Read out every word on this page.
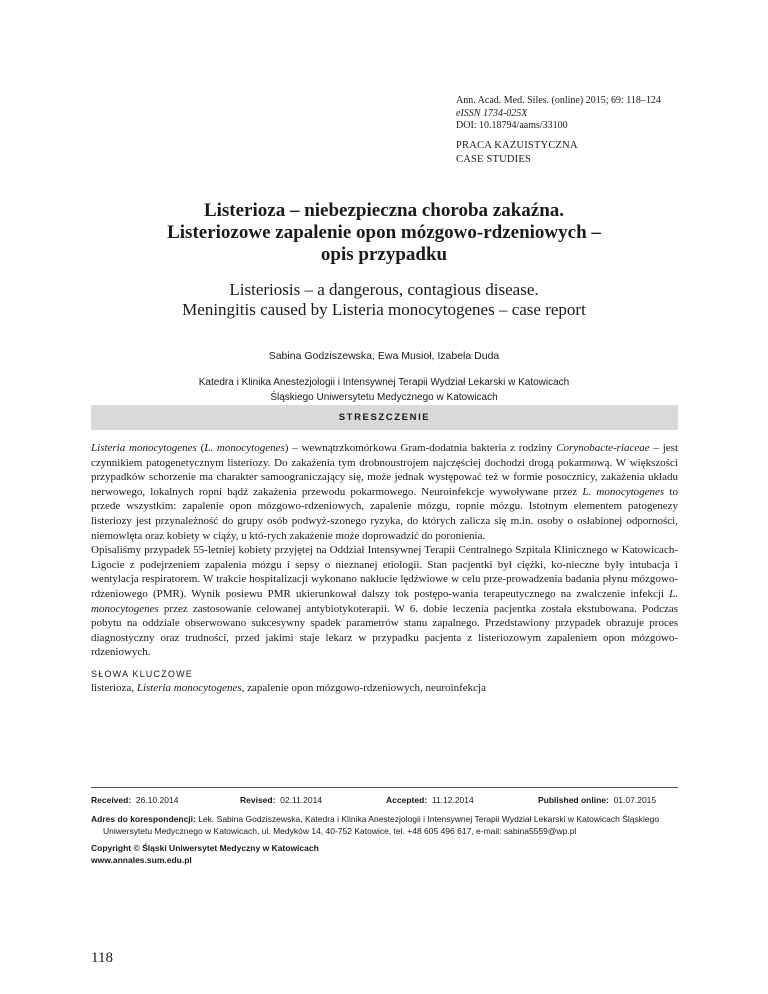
Ann. Acad. Med. Siles. (online) 2015; 69: 118–124
eISSN 1734-025X
DOI: 10.18794/aams/33100
PRACA KAZUISTYCZNA
CASE STUDIES
Listerioza – niebezpieczna choroba zakaźna.
Listeriozowe zapalenie opon mózgowo-rdzeniowych –
opis przypadku
Listeriosis – a dangerous, contagious disease.
Meningitis caused by Listeria monocytogenes – case report
Sabina Godziszewska, Ewa Musioł, Izabela Duda
Katedra i Klinika Anestezjologii i Intensywnej Terapii Wydział Lekarski w Katowicach
Śląskiego Uniwersytetu Medycznego w Katowicach
STRESZCZENIE

Listeria monocytogenes (L. monocytogenes) – wewnątrzkomórkowa Gram-dodatnia bakteria z rodziny Corynobacte-riaceae – jest czynnikiem patogenetycznym listeriozy. Do zakażenia tym drobnoustrojem najczęściej dochodzi drogą pokarmową. W większości przypadków schorzenie ma charakter samoograniczający się, może jednak występować też w formie posocznicy, zakażenia układu nerwowego, lokalnych ropni bądź zakażenia przewodu pokarmowego. Neuroinfekcje wywoływane przez L. monocytogenes to przede wszystkim: zapalenie opon mózgowo-rdzeniowych, zapalenie mózgu, ropnie mózgu. Istotnym elementem patogenezy listeriozy jest przynależność do grupy osób podwyż-szonego ryzyka, do których zalicza się m.in. osoby o osłabionej odporności, niemowlęta oraz kobiety w ciąży, u któ-rych zakażenie może doprowadzić do poronienia.

Opisaliśmy przypadek 55-letniej kobiety przyjętej na Oddział Intensywnej Terapii Centralnego Szpitala Klinicznego w Katowicach-Ligocie z podejrzeniem zapalenia mózgu i sepsy o nieznanej etiologii. Stan pacjentki był ciężki, ko-nieczne były intubacja i wentylacja respiratorem. W trakcie hospitalizacji wykonano nakłucie lędźwiowe w celu prze-prowadzenia badania płynu mózgowo-rdzeniowego (PMR). Wynik posiewu PMR ukierunkował dalszy tok postępo-wania terapeutycznego na zwalczenie infekcji L. monocytogenes przez zastosowanie celowanej antybiotykoterapii. W 6. dobie leczenia pacjentka została ekstubowana. Podczas pobytu na oddziale obserwowano sukcesywny spadek parametrów stanu zapalnego. Przedstawiony przypadek obrazuje proces diagnostyczny oraz trudności, przed jakimi staje lekarz w przypadku pacjenta z listeriozowym zapaleniem opon mózgowo-rdzeniowych.

SŁOWA KLUCZOWE
listerioza, Listeria monocytogenes, zapalenie opon mózgowo-rdzeniowych, neuroinfekcja
Received: 26.10.2014	Revised: 02.11.2014	Accepted: 11.12.2014	Published online: 01.07.2015
Adres do korespondencji: Lek. Sabina Godziszewska, Katedra i Klinika Anestezjologii i Intensywnej Terapii Wydział Lekarski w Katowicach Śląskiego
Uniwersytetu Medycznego w Katowicach, ul. Medyków 14, 40-752 Katowice, tel. +48 605 496 617, e-mail: sabina5559@wp.pl
Copyright © Śląski Uniwersytet Medyczny w Katowicach
www.annales.sum.edu.pl
118
